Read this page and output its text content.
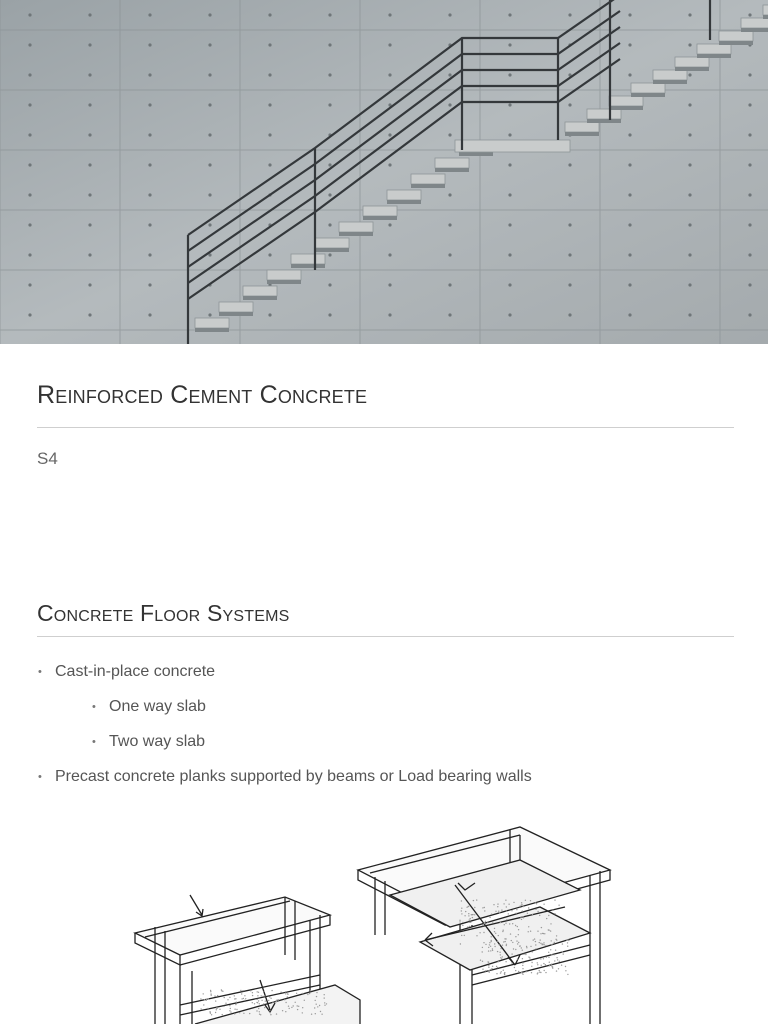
Reinforced Cement Concrete
S4
Concrete Floor Systems
• Cast-in-place concrete
• One way slab
• Two way slab
• Precast concrete planks supported by beams or Load bearing walls
